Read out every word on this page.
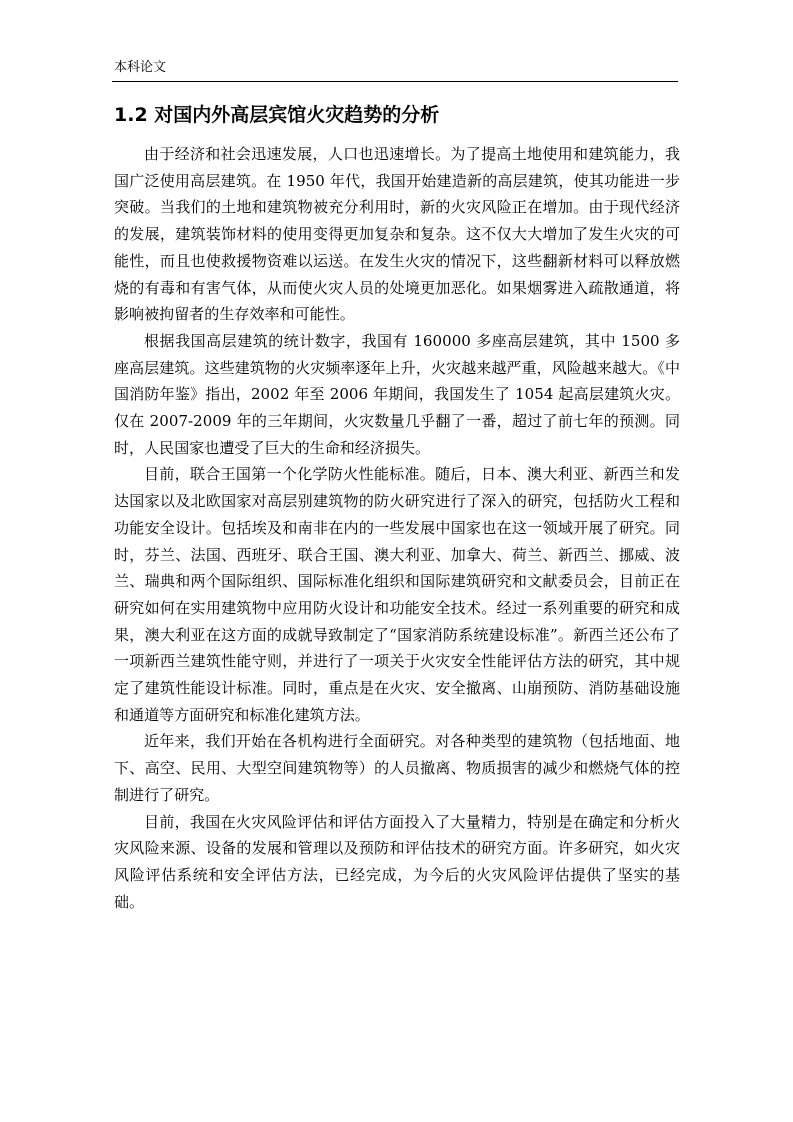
本科论文
1.2 对国内外高层宾馆火灾趋势的分析

由于经济和社会迅速发展，人口也迅速增长。为了提高土地使用和建筑能力，我国广泛使用高层建筑。在 1950 年代，我国开始建造新的高层建筑，使其功能进一步突破。当我们的土地和建筑物被充分利用时，新的火灾风险正在增加。由于现代经济的发展，建筑装饰材料的使用变得更加复杂和复杂。这不仅大大增加了发生火灾的可能性，而且也使救援物资难以运送。在发生火灾的情况下，这些翻新材料可以释放燃烧的有毒和有害气体，从而使火灾人员的处境更加恶化。如果烟雾进入疏散通道，将影响被拘留者的生存效率和可能性。

根据我国高层建筑的统计数字，我国有 160000 多座高层建筑，其中 1500 多座高层建筑。这些建筑物的火灾频率逐年上升，火灾越来越严重，风险越来越大。《中国消防年鉴》指出，2002 年至 2006 年期间，我国发生了 1054 起高层建筑火灾。仅在 2007-2009 年的三年期间，火灾数量几乎翻了一番，超过了前七年的预测。同时，人民国家也遭受了巨大的生命和经济损失。

目前，联合王国第一个化学防火性能标准。随后，日本、澳大利亚、新西兰和发达国家以及北欧国家对高层别建筑物的防火研究进行了深入的研究，包括防火工程和功能安全设计。包括埃及和南非在内的一些发展中国家也在这一领域开展了研究。同时，芬兰、法国、西班牙、联合王国、澳大利亚、加拿大、荷兰、新西兰、挪威、波兰、瑞典和两个国际组织、国际标准化组织和国际建筑研究和文献委员会，目前正在研究如何在实用建筑物中应用防火设计和功能安全技术。经过一系列重要的研究和成果，澳大利亚在这方面的成就导致制定了“国家消防系统建设标准”。新西兰还公布了一项新西兰建筑性能守则，并进行了一项关于火灾安全性能评估方法的研究，其中规定了建筑性能设计标准。同时，重点是在火灾、安全撤离、山崩预防、消防基础设施和通道等方面研究和标准化建筑方法。

近年来，我们开始在各机构进行全面研究。对各种类型的建筑物（包括地面、地下、高空、民用、大型空间建筑物等）的人员撤离、物质损害的减少和燃烧气体的控制进行了研究。

目前，我国在火灾风险评估和评估方面投入了大量精力，特别是在确定和分析火灾风险来源、设备的发展和管理以及预防和评估技术的研究方面。许多研究，如火灾风险评估系统和安全评估方法，已经完成，为今后的火灾风险评估提供了坚实的基础。
